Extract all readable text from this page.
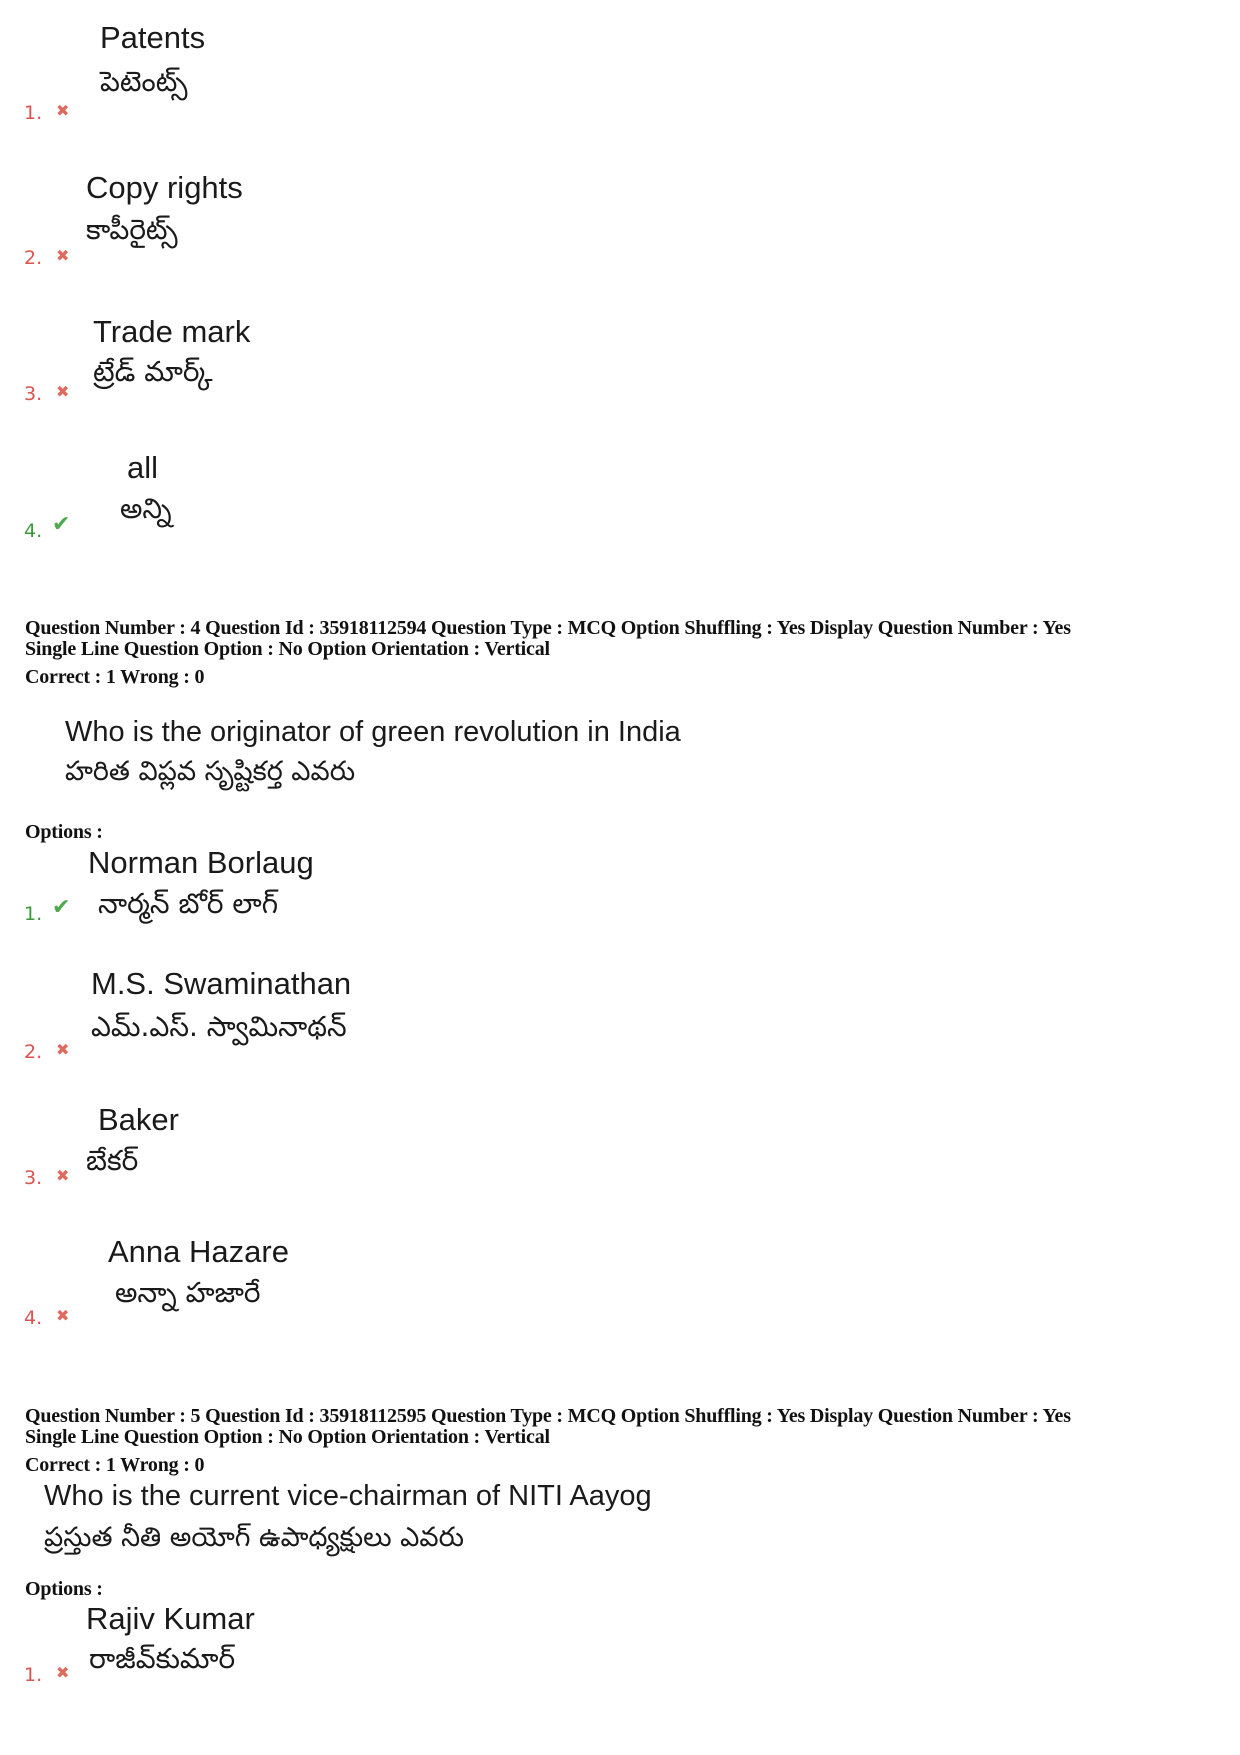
Patents
పెటెంట్స్
1. ✖
Copy rights
కాపీరైట్స్
2. ✖
Trade mark
ట్రేడ్ మార్క్
3. ✖
all
అన్ని
4. ✔
Question Number : 4 Question Id : 35918112594 Question Type : MCQ Option Shuffling : Yes Display Question Number : Yes
Single Line Question Option : No Option Orientation : Vertical
Correct : 1 Wrong : 0
Who is the originator of green revolution in India
హరిత విప్లవ సృష్టికర్త ఎవరు
Options :
Norman Borlaug
నార్మన్ బోర్ లాగ్
1. ✔
M.S. Swaminathan
ఎమ్.ఎస్. స్వామినాథన్
2. ✖
Baker
బేకర్
3. ✖
Anna Hazare
అన్నా హజారే
4. ✖
Question Number : 5 Question Id : 35918112595 Question Type : MCQ Option Shuffling : Yes Display Question Number : Yes
Single Line Question Option : No Option Orientation : Vertical
Correct : 1 Wrong : 0
Who is the current vice-chairman of NITI Aayog
ప్రస్తుత నీతి అయోగ్ ఉపాధ్యక్షులు ఎవరు
Options :
Rajiv Kumar
రాజీవ్‌కుమార్
1. ✖
